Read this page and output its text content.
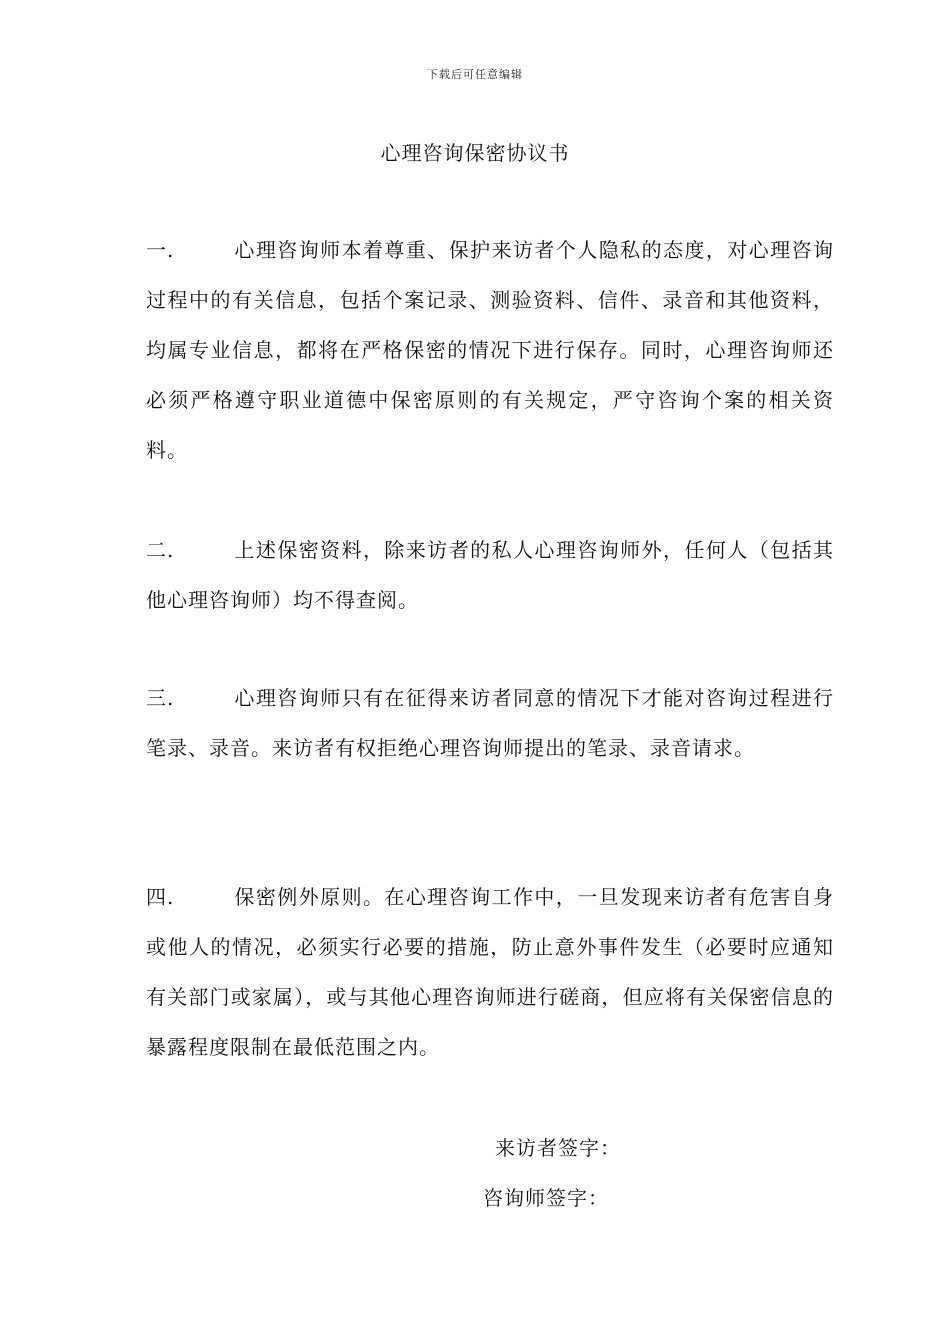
下载后可任意编辑
心理咨询保密协议书

一.	心理咨询师本着尊重、保护来访者个人隐私的态度，对心理咨询过程中的有关信息，包括个案记录、测验资料、信件、录音和其他资料，均属专业信息，都将在严格保密的情况下进行保存。同时，心理咨询师还必须严格遵守职业道德中保密原则的有关规定，严守咨询个案的相关资料。

二.	上述保密资料，除来访者的私人心理咨询师外，任何人（包括其他心理咨询师）均不得查阅。

三.	心理咨询师只有在征得来访者同意的情况下才能对咨询过程进行笔录、录音。来访者有权拒绝心理咨询师提出的笔录、录音请求。

四.	保密例外原则。在心理咨询工作中，一旦发现来访者有危害自身或他人的情况，必须实行必要的措施，防止意外事件发生（必要时应通知有关部门或家属），或与其他心理咨询师进行磋商，但应将有关保密信息的暴露程度限制在最低范围之内。

来访者签字：
咨询师签字：
